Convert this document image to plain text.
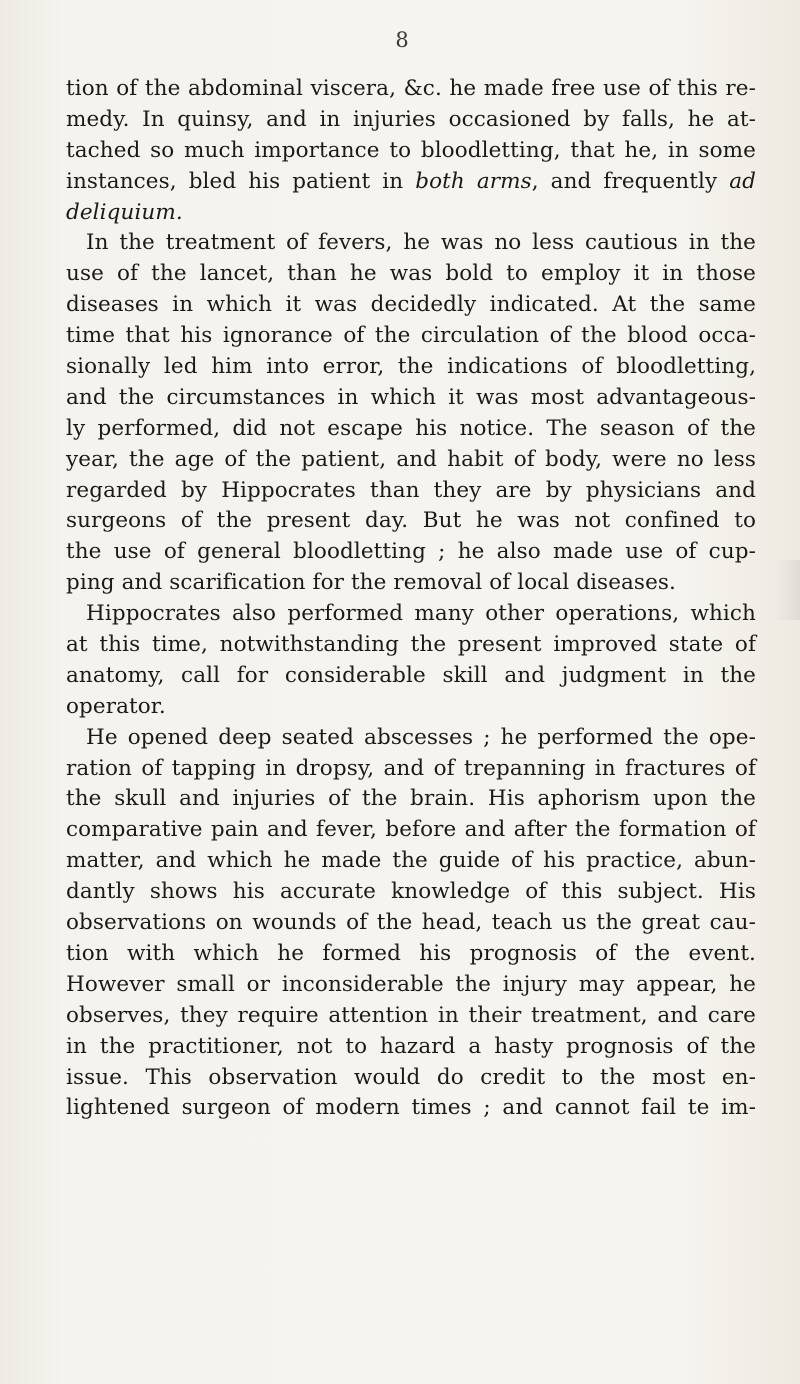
8
tion of the abdominal viscera, &c. he made free use of this re-
medy. In quinsy, and in injuries occasioned by falls, he at-
tached so much importance to bloodletting, that he, in some
instances, bled his patient in both arms, and frequently ad
deliquium.
In the treatment of fevers, he was no less cautious in the
use of the lancet, than he was bold to employ it in those
diseases in which it was decidedly indicated. At the same
time that his ignorance of the circulation of the blood occa-
sionally led him into error, the indications of bloodletting,
and the circumstances in which it was most advantageous-
ly performed, did not escape his notice. The season of the
year, the age of the patient, and habit of body, were no less
regarded by Hippocrates than they are by physicians and
surgeons of the present day. But he was not confined to
the use of general bloodletting ; he also made use of cup-
ping and scarification for the removal of local diseases.
Hippocrates also performed many other operations, which
at this time, notwithstanding the present improved state of
anatomy, call for considerable skill and judgment in the
operator.
He opened deep seated abscesses ; he performed the ope-
ration of tapping in dropsy, and of trepanning in fractures of
the skull and injuries of the brain. His aphorism upon the
comparative pain and fever, before and after the formation of
matter, and which he made the guide of his practice, abun-
dantly shows his accurate knowledge of this subject. His
observations on wounds of the head, teach us the great cau-
tion with which he formed his prognosis of the event.
However small or inconsiderable the injury may appear, he
observes, they require attention in their treatment, and care
in the practitioner, not to hazard a hasty prognosis of the
issue. This observation would do credit to the most en-
lightened surgeon of modern times ; and cannot fail te im-
